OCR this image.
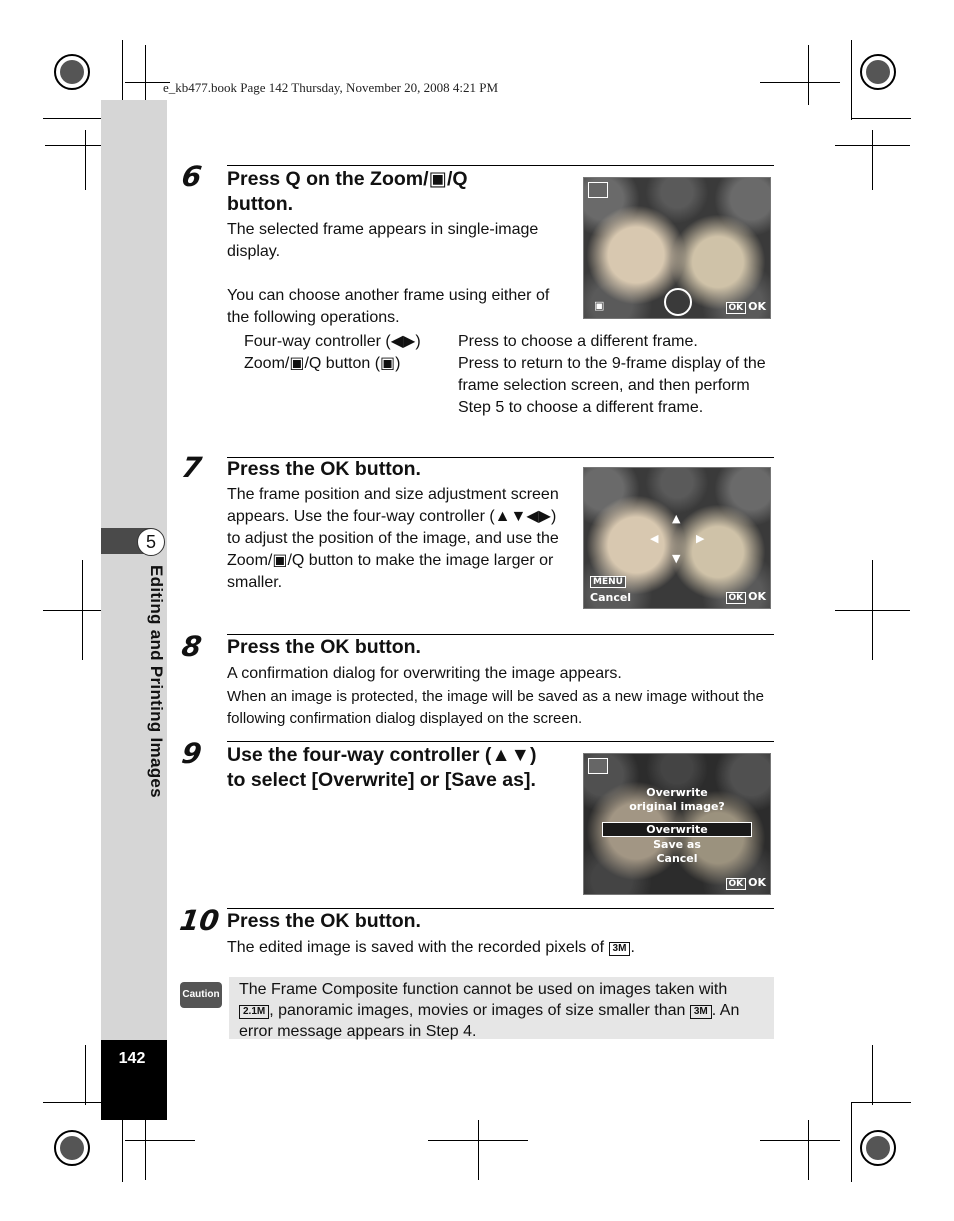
e_kb477.book Page 142 Thursday, November 20, 2008 4:21 PM
5
Editing and Printing Images
142
6 Press Q on the Zoom/▣/Q
button.
The selected frame appears in single-image display.
You can choose another frame using either of the following operations.
Four-way controller (◀▶)	Press to choose a different frame.
Zoom/▣/Q button (▣)	Press to return to the 9-frame display of the frame selection screen, and then perform Step 5 to choose a different frame.
▣	OK OK
7 Press the OK button.
The frame position and size adjustment screen appears. Use the four-way controller (▲▼◀▶) to adjust the position of the image, and use the Zoom/▣/Q button to make the image larger or smaller.
▲
▼
◀	▶
MENU
Cancel	OK OK
8 Press the OK button.
A confirmation dialog for overwriting the image appears.
When an image is protected, the image will be saved as a new image without the following confirmation dialog displayed on the screen.
9 Use the four-way controller (▲▼)
to select [Overwrite] or [Save as].
Overwrite
original image?
Overwrite
Save as
Cancel
OK OK
10 Press the OK button.
The edited image is saved with the recorded pixels of 3M .
Caution The Frame Composite function cannot be used on images taken with
2.1M , panoramic images, movies or images of size smaller than 3M . An error message appears in Step 4.
